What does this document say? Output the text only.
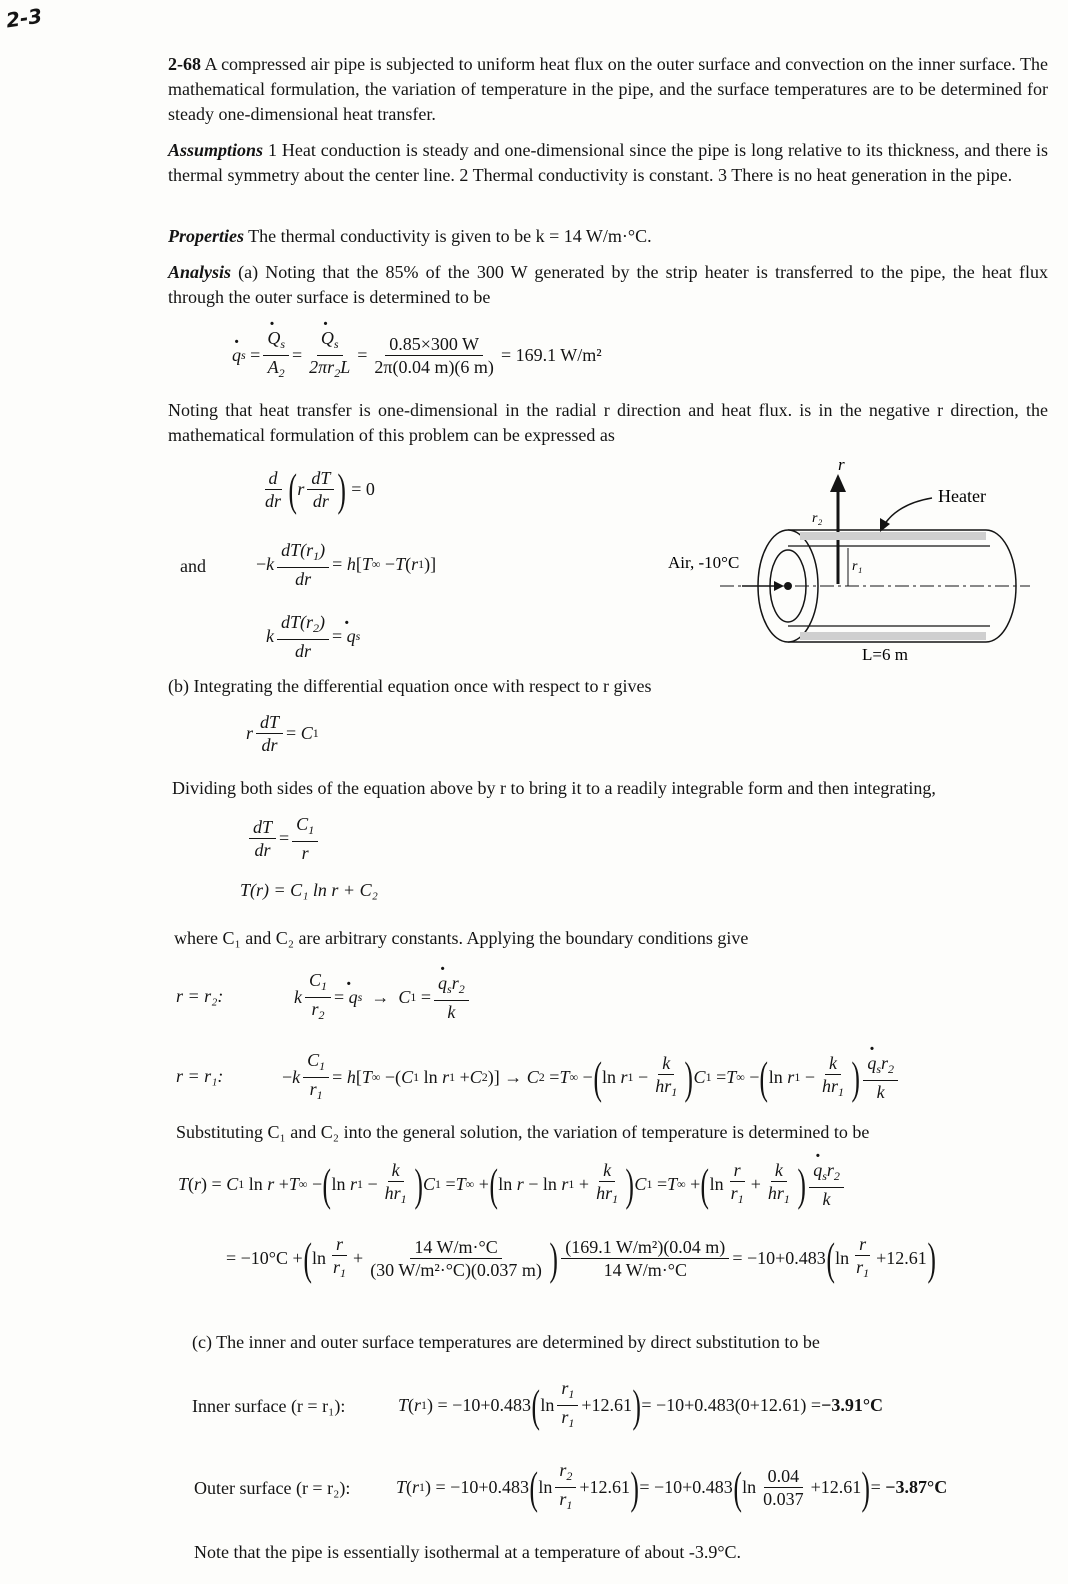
2-3

2-68 A compressed air pipe is subjected to uniform heat flux on the outer surface and convection on the inner surface. The mathematical formulation, the variation of temperature in the pipe, and the surface temperatures are to be determined for steady one-dimensional heat transfer.

Assumptions 1 Heat conduction is steady and one-dimensional since the pipe is long relative to its thickness, and there is thermal symmetry about the center line. 2 Thermal conductivity is constant. 3 There is no heat generation in the pipe.

Properties The thermal conductivity is given to be k = 14 W/m·°C.

Analysis (a) Noting that the 85% of the 300 W generated by the strip heater is transferred to the pipe, the heat flux through the outer surface is determined to be

· q s = · $\frac{Q_s}{A_2}$ = · $\frac{Q_s}{2\pi r_2L} = \frac{0.85\times 300 W}{2\pi(0.04 m)(6 m)} = 169.1$ W/m²

Noting that heat transfer is one-dimensional in the radial r direction and heat flux. is in the negative r direction, the mathematical formulation of this problem can be expressed as

$\frac{d}{dr}$ ( r $\frac{dT}{dr}$ ) = 0
and	− k $\frac{dT(r_1)}{dr} = h$ [ T ∞ − T ( r 1 )]
k $\frac{dT(r_2)}{dr}$ = ·  q s
r
r₂
r₁
Heater
Air, -10°C
L=6 m

(b) Integrating the differential equation once with respect to r gives

r $\frac{dT}{dr} = C$ 1

Dividing both sides of the equation above by r to bring it to a readily integrable form and then integrating,

$\frac{dT}{dr} = \frac{C_1}{r}$
T(r) = C₁ ln r + C₂

where C₁ and C₂ are arbitrary constants. Applying the boundary conditions give

r = r₂:	k $\frac{C_1}{r_2}$ = ·  q s → C 1 = · $\frac{q_sr_2}{k}$
r = r₁:	− k $\frac{C_1}{r_1} = h$ [ T ∞ −( C 1 ln r 1 + C 2 )] → C 2 = T ∞ − ( ln r $1 - \frac{k}{hr_1}$ ) C 1 = T ∞ − ( ln r $1 - \frac{k}{hr_1}$ ) · $\frac{q_sr_2}{k}$

Substituting C₁ and C₂ into the general solution, the variation of temperature is determined to be

T ( r ) = C 1 ln r + T ∞ − ( ln r $1 - \frac{k}{hr_1}$ ) C 1 = T ∞ + ( ln r − ln r $1 + \frac{k}{hr_1}$ ) C 1 = T ∞ + ( $\ln \frac{r}{r_1} + \frac{k}{hr_1}$ ) · $\frac{q_sr_2}{k}$
= −10°C + ( $\ln \frac{r}{r_1} + \frac{14 W/m\cdot^\circ C}{\text{(30 W/m²·°C)(0.037 m)}}$ ) $\frac{\text{(169.1 W/m²)(0.04 m)}}{14 W/m\cdot^\circ C} = -10+0.483$ ( $\ln \frac{r}{r_1} +12.61$ )

(c) The inner and outer surface temperatures are determined by direct substitution to be

Inner surface (r = r₁):	T ( r 1 ) = −10+0.483 ( $\ln \frac{r_1}{r_1} +12.61$ ) = −10+0.483(0+12.61) = −3.91°C
Outer surface (r = r₂):	T ( r 1 ) = −10+0.483 ( $\ln \frac{r_2}{r_1} +12.61$ ) = −10+0.483 ( $\ln \frac{0.04}{0.037} +12.61$ ) = −3.87°C

Note that the pipe is essentially isothermal at a temperature of about -3.9°C.
